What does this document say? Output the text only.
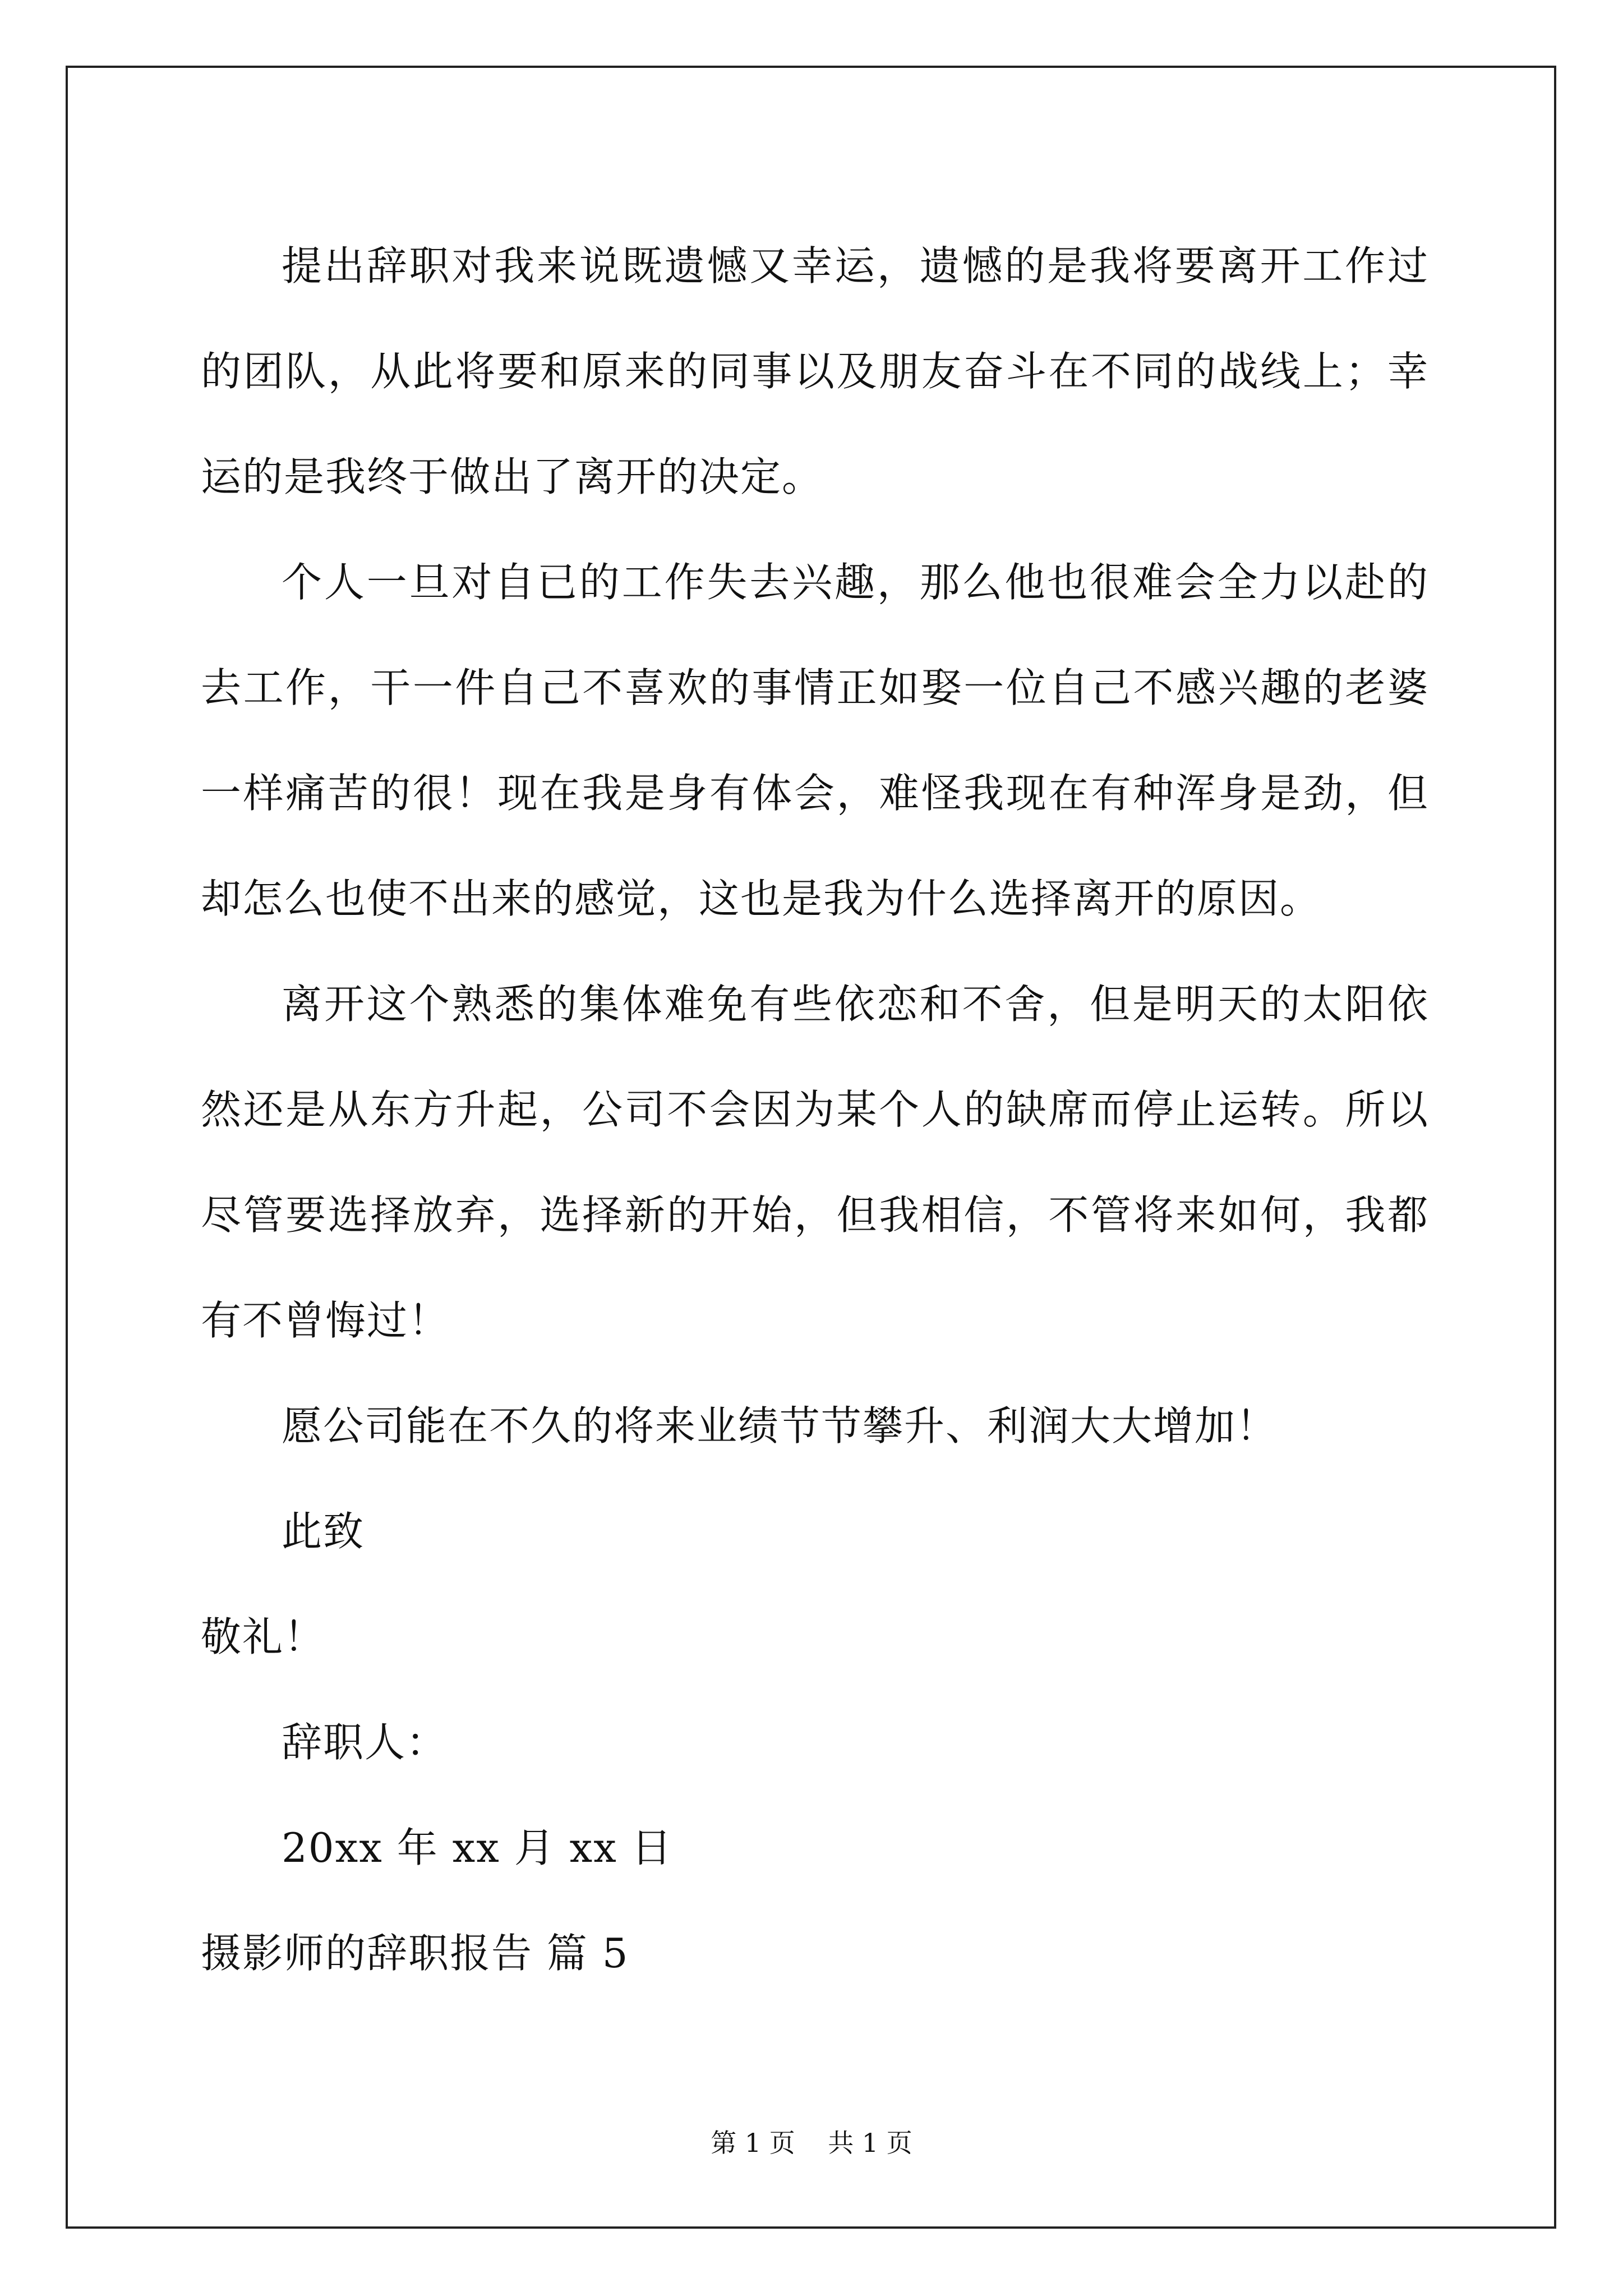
提出辞职对我来说既遗憾又幸运，遗憾的是我将要离开工作过的团队，从此将要和原来的同事以及朋友奋斗在不同的战线上；幸运的是我终于做出了离开的决定。

个人一旦对自已的工作失去兴趣，那么他也很难会全力以赴的去工作，干一件自己不喜欢的事情正如娶一位自己不感兴趣的老婆一样痛苦的很！现在我是身有体会，难怪我现在有种浑身是劲，但却怎么也使不出来的感觉，这也是我为什么选择离开的原因。

离开这个熟悉的集体难免有些依恋和不舍，但是明天的太阳依然还是从东方升起，公司不会因为某个人的缺席而停止运转。所以尽管要选择放弃，选择新的开始，但我相信，不管将来如何，我都有不曾悔过！

愿公司能在不久的将来业绩节节攀升、利润大大增加！

此致

敬礼！

辞职人：

20xx 年 xx 月 xx 日

摄影师的辞职报告 篇 5

第 1 页    共 1 页
